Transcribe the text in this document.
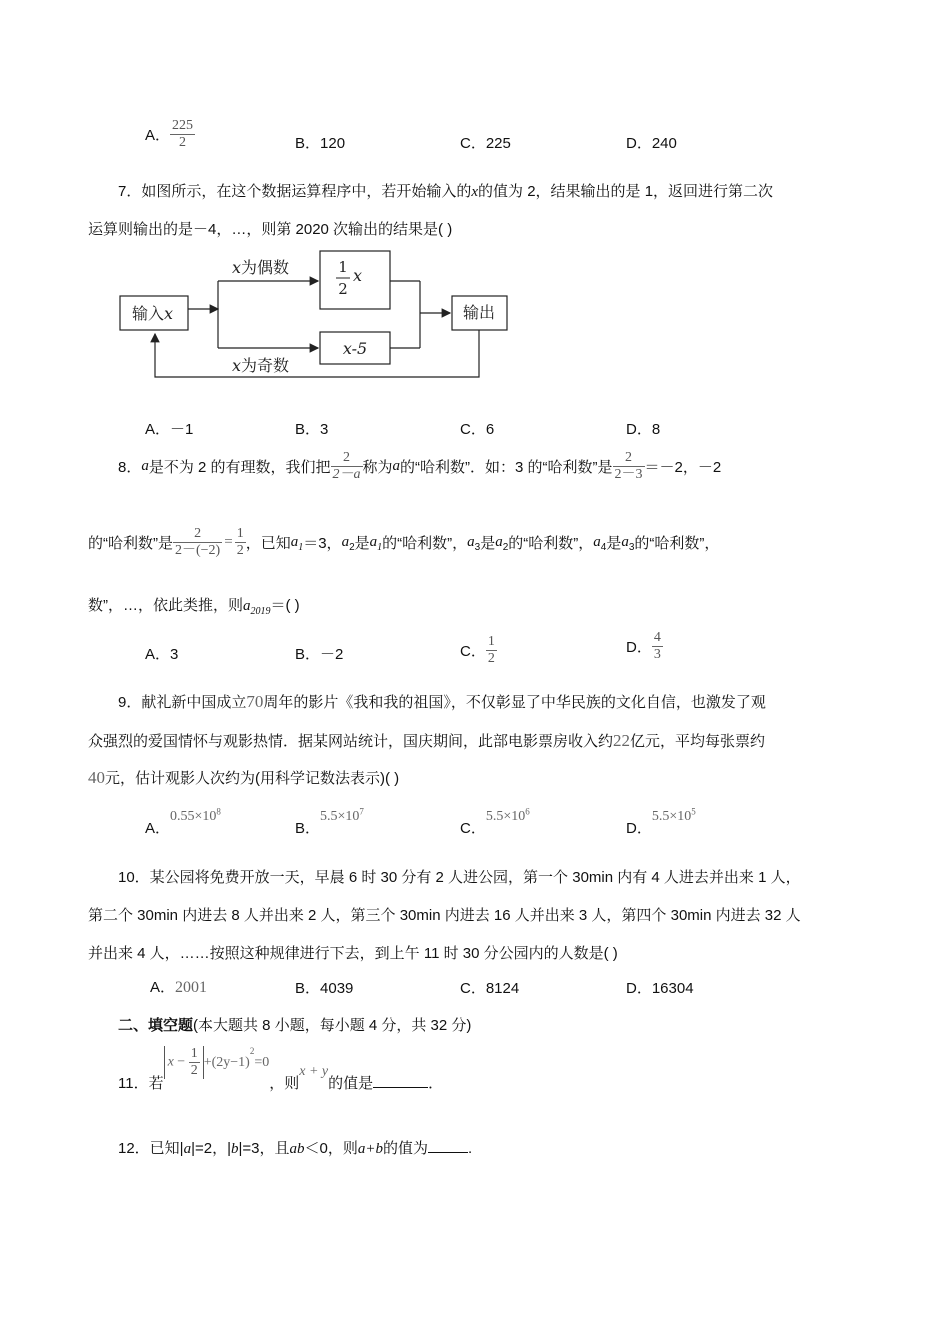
A． $\frac{225}{2}$	B．120	C．225	D．240
7．如图所示，在这个数据运算程序中，若开始输入的x的值为 2，结果输出的是 1，返回进行第二次
运算则输出的是－4，…，则第 2020 次输出的结果是( )
输入x
x为偶数
x为奇数
1
2
x
x-5
输出
A．－1	B．3	C．6	D．8
8．a是不为 2 的有理数，我们把 $\frac{2}{2-a}$ 称为a的“哈利数”．如：3 的“哈利数”是 $\frac{2}{2-3} =-2$，－2
的“哈利数”是 $\frac{2}{2-(-2)} = \frac{1}{2}$ ，已知$a_1=3$，$a_2$是$a_1$的“哈利数”，$a_3$是$a_2$的“哈利数”，$a_4$是$a_3$的“哈利数”，
数”，…，依此类推，则$a_{2019}=$( )
A．3	B．－2	C． $\frac{1}{2}$	D． $\frac{4}{3}$
9．献礼新中国成立70周年的影片《我和我的祖国》，不仅彰显了中华民族的文化自信，也激发了观
众强烈的爱国情怀与观影热情．据某网站统计，国庆期间，此部电影票房收入约22亿元，平均每张票约
40元，估计观影人次约为(用科学记数法表示)( )
A．$0.55\times 10^8$
B．$5.5\times 10^7$
C．$5.5\times 10^6$
D．$5.5\times 10^5$
10．某公园将免费开放一天，早晨 6 时 30 分有 2 人进公园，第一个 30min 内有 4 人进去并出来 1 人，
第二个 30min 内进去 8 人并出来 2 人，第三个 30min 内进去 16 人并出来 3 人，第四个 30min 内进去 32 人
并出来 4 人，……按照这种规律进行下去，到上午 11 时 30 分公园内的人数是( )
A．2001	B．4039	C．8124	D．16304
二、填空题(本大题共 8 小题，每小题 4 分，共 32 分)
11．若$x - \frac{1}{2} +(2y-1)^2=0$，则x + y的值是	．
12．已知|a|=2，|b|=3，且ab＜0，则a+b的值为	.
